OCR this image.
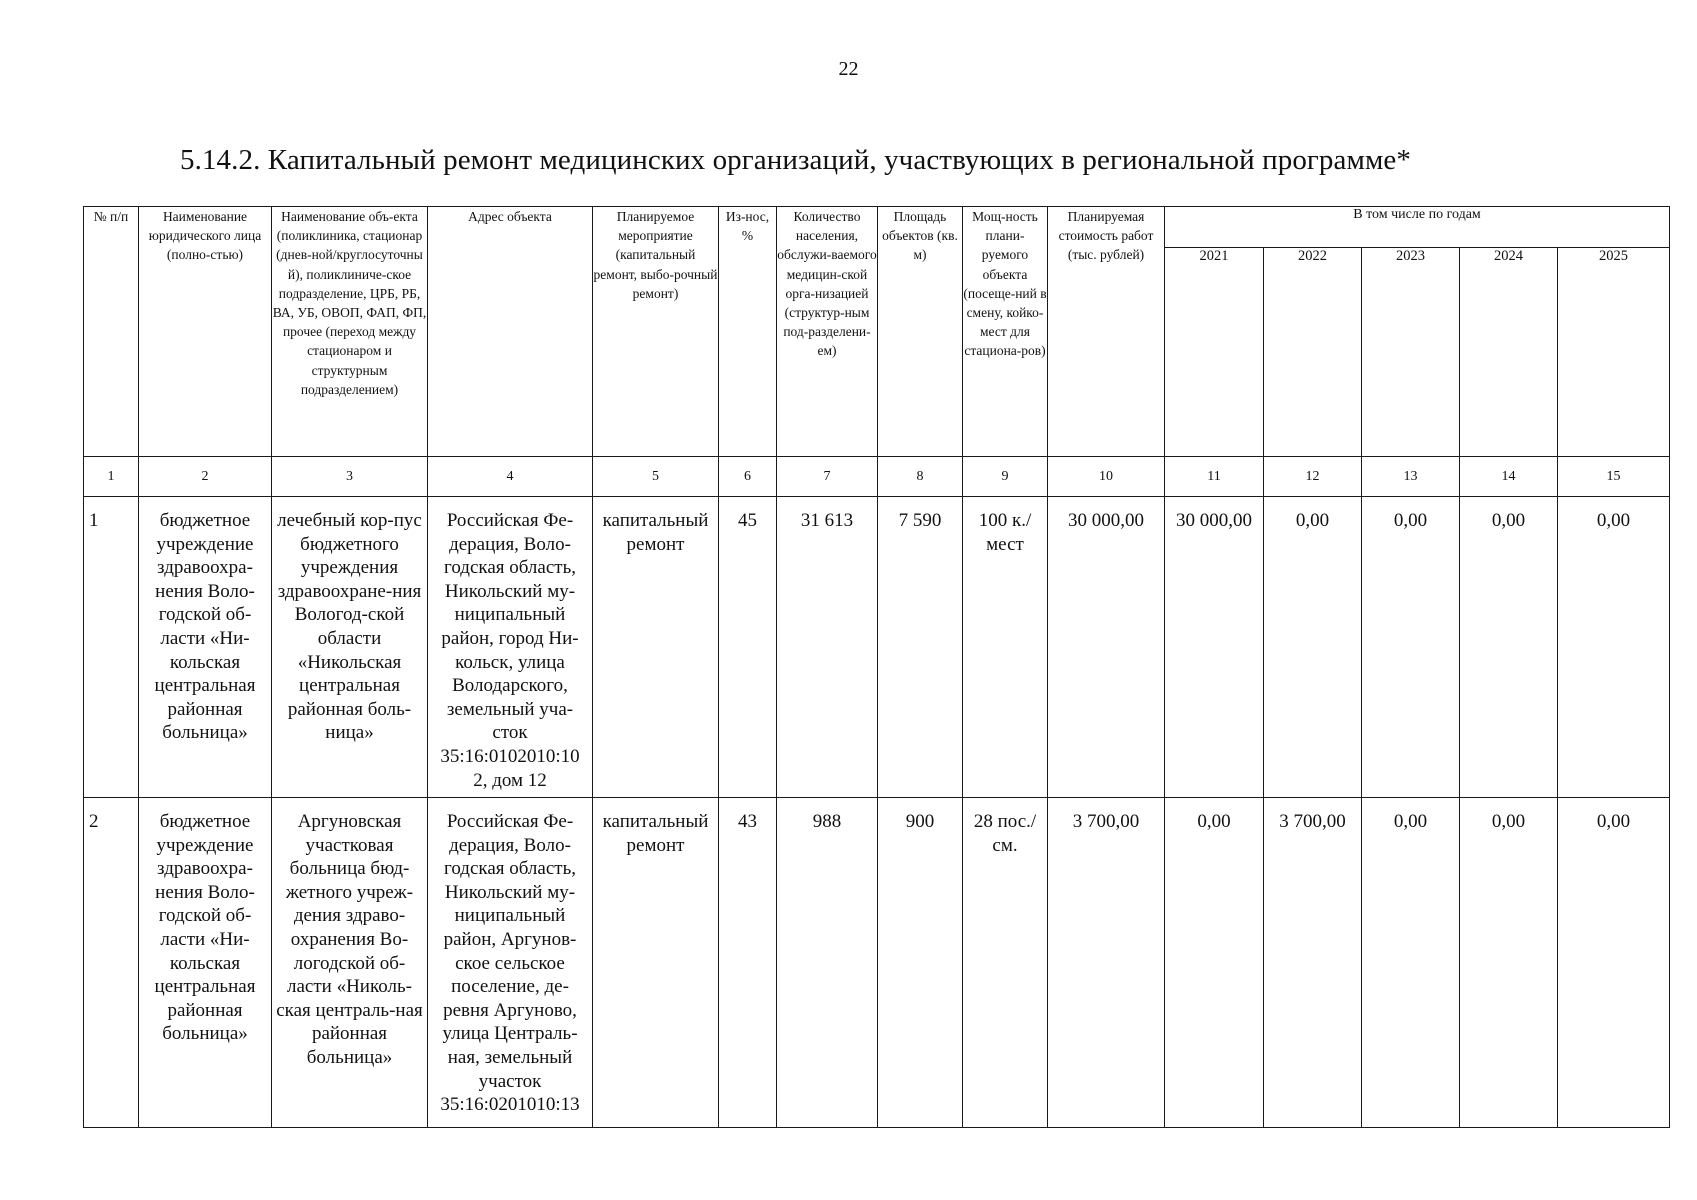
22
5.14.2. Капитальный ремонт медицинских организаций, участвующих в региональной программе*
№ п/п	Наименование юридического лица (полно-стью)	Наименование объ-екта (поликлиника, стационар (днев-ной/круглосуточны й), поликлиниче-ское подразделение, ЦРБ, РБ, ВА, УБ, ОВОП, ФАП, ФП, прочее (переход между стационаром и структурным подразделением)	Адрес объекта	Планируемое мероприятие (капитальный ремонт, выбо-рочный ремонт)	Из-нос, %	Количество населения, обслужи-ваемого медицин-ской орга-низацией (структур-ным под-разделени-ем)	Площадь объектов (кв. м)	Мощ-ность плани-руемого объекта (посеще-ний в смену, койко-мест для стациона-ров)	Планируемая стоимость работ (тыс. рублей)	В том числе по годам				
										2021	2022	2023	2024	2025
1	2	3	4	5	6	7	8	9	10	11	12	13	14	15
1	бюджетное учреждение здравоохра-нения Воло-годской об-ласти «Ни-кольская центральная районная больница»	лечебный кор-пус бюджетного учреждения здравоохране-ния Вологод-ской области «Никольская центральная районная боль-ница»	Российская Фе-дерация, Воло-годская область, Никольский му-ниципальный район, город Ни-кольск, улица Володарского, земельный уча-сток 35:16:0102010:10 2, дом 12	капитальный ремонт	45	31 613	7 590	100 к./мест	30 000,00	30 000,00	0,00	0,00	0,00	0,00
2	бюджетное учреждение здравоохра-нения Воло-годской об-ласти «Ни-кольская центральная районная больница»	Аргуновская участковая больница бюд-жетного учреж-дения здраво-охранения Во-логодской об-ласти «Николь-ская централь-ная районная больница»	Российская Фе-дерация, Воло-годская область, Никольский му-ниципальный район, Аргунов-ское сельское поселение, де-ревня Аргуново, улица Централь-ная, земельный участок 35:16:0201010:13	капитальный ремонт	43	988	900	28 пос./см.	3 700,00	0,00	3 700,00	0,00	0,00	0,00
